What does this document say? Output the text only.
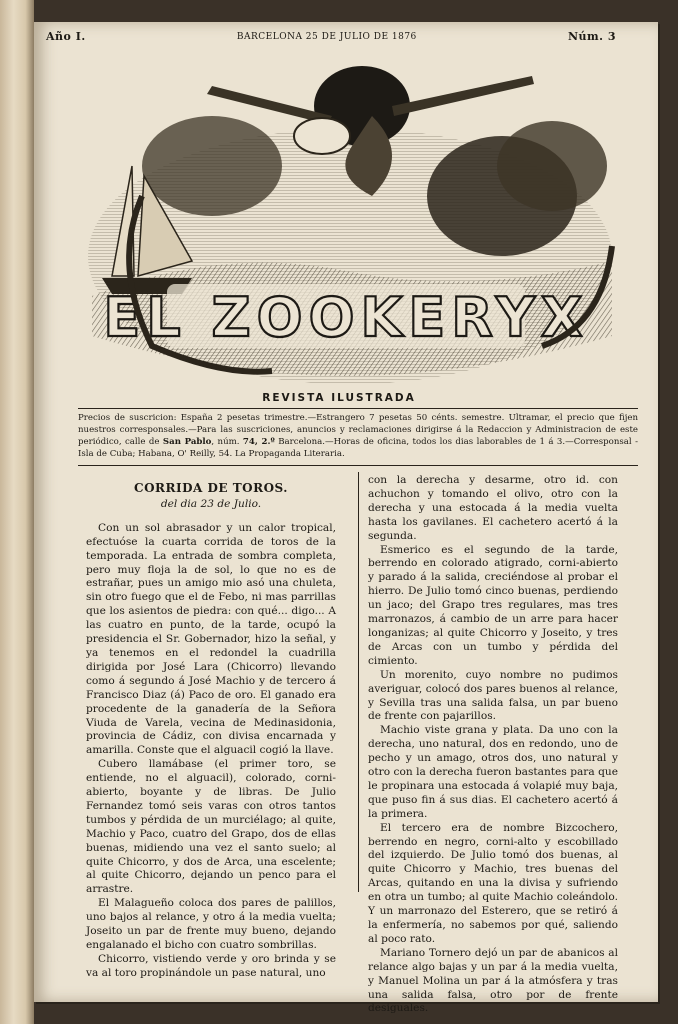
Año I.	BARCELONA 25 DE JULIO DE 1876	Núm. 3
EL ZOOKERYX
REVISTA ILUSTRADA
Precios de suscricion: España 2 pesetas trimestre.—Estrangero 7 pesetas 50 cénts. semestre. Ultramar, el precio que fijen nuestros corresponsales.—Para las suscriciones, anuncios y reclamaciones dirigirse á la Redaccion y Administracion de este periódico, calle de San Pablo, núm. 74, 2.º Barcelona.—Horas de oficina, todos los dias laborables de 1 á 3.—Corresponsal - Isla de Cuba; Habana, O' Reilly, 54. La Propaganda Literaria.
CORRIDA DE TOROS.
del dia 23 de Julio.

Con un sol abrasador y un calor tropical, efectuóse la cuarta corrida de toros de la temporada. La entrada de sombra completa, pero muy floja la de sol, lo que no es de estrañar, pues un amigo mio asó una chuleta, sin otro fuego que el de Febo, ni mas parrillas que los asientos de piedra: con qué... digo... A las cuatro en punto, de la tarde, ocupó la presidencia el Sr. Gobernador, hizo la señal, y ya tenemos en el redondel la cuadrilla dirigida por José Lara (Chicorro) llevando como á segundo á José Machio y de tercero á Francisco Diaz (á) Paco de oro. El ganado era procedente de la ganadería de la Señora Viuda de Varela, vecina de Medinasidonia, provincia de Cádiz, con divisa encarnada y amarilla. Conste que el alguacil cogió la llave.

Cubero llamábase (el primer toro, se entiende, no el alguacil), colorado, corni-abierto, boyante y de libras. De Julio Fernandez tomó seis varas con otros tantos tumbos y pérdida de un murciélago; al quite, Machio y Paco, cuatro del Grapo, dos de ellas buenas, midiendo una vez el santo suelo; al quite Chicorro, y dos de Arca, una escelente; al quite Chicorro, dejando un penco para el arrastre.

El Malagueño coloca dos pares de palillos, uno bajos al relance, y otro á la media vuelta; Joseito un par de frente muy bueno, dejando engalanado el bicho con cuatro sombrillas.

Chicorro, vistiendo verde y oro brinda y se va al toro propinándole un pase natural, uno

con la derecha y desarme, otro id. con achuchon y tomando el olivo, otro con la derecha y una estocada á la media vuelta hasta los gavilanes. El cachetero acertó á la segunda.

Esmerico es el segundo de la tarde, berrendo en colorado atigrado, corni-abierto y parado á la salida, creciéndose al probar el hierro. De Julio tomó cinco buenas, perdiendo un jaco; del Grapo tres regulares, mas tres marronazos, á cambio de un arre para hacer longanizas; al quite Chicorro y Joseito, y tres de Arcas con un tumbo y pérdida del cimiento.

Un morenito, cuyo nombre no pudimos averiguar, colocó dos pares buenos al relance, y Sevilla tras una salida falsa, un par bueno de frente con pajarillos.

Machio viste grana y plata. Da uno con la derecha, uno natural, dos en redondo, uno de pecho y un amago, otros dos, uno natural y otro con la derecha fueron bastantes para que le propinara una estocada á volapié muy baja, que puso fin á sus dias. El cachetero acertó á la primera.

El tercero era de nombre Bizcochero, berrendo en negro, corni-alto y escobillado del izquierdo. De Julio tomó dos buenas, al quite Chicorro y Machio, tres buenas del Arcas, quitando en una la divisa y sufriendo en otra un tumbo; al quite Machio coleándolo. Y un marronazo del Esterero, que se retiró á la enfermería, no sabemos por qué, saliendo al poco rato.

Mariano Tornero dejó un par de abanicos al relance algo bajas y un par á la media vuelta, y Manuel Molina un par á la atmósfera y tras una salida falsa, otro por de frente desiguales.
